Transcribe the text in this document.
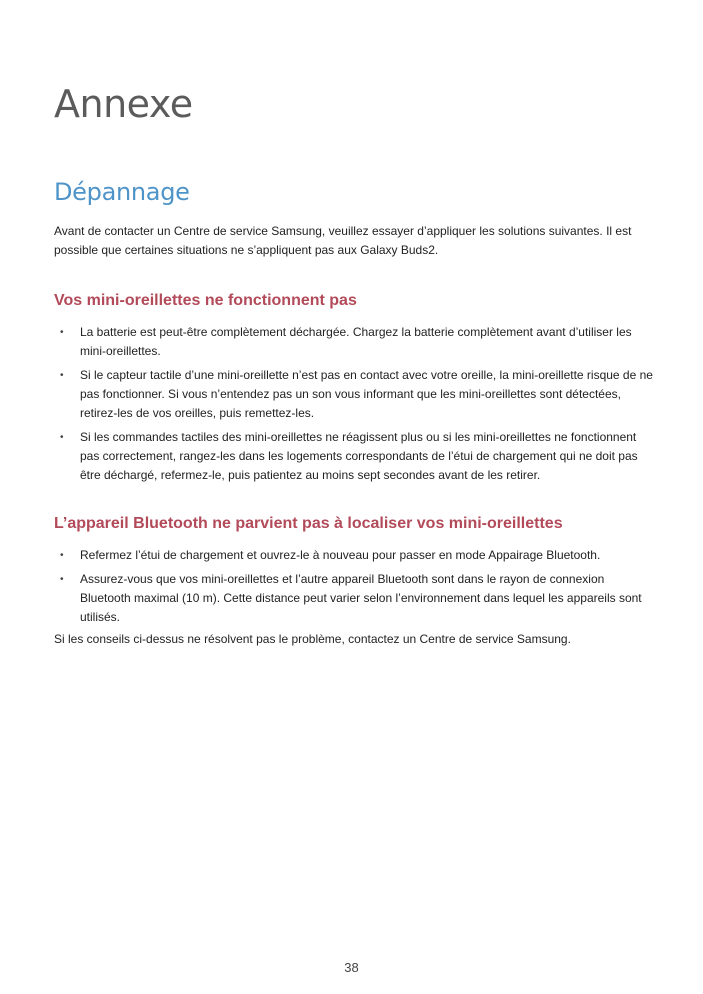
Annexe
Dépannage

Avant de contacter un Centre de service Samsung, veuillez essayer d’appliquer les solutions suivantes. Il est possible que certaines situations ne s’appliquent pas aux Galaxy Buds2.

Vos mini-oreillettes ne fonctionnent pas
• La batterie est peut-être complètement déchargée. Chargez la batterie complètement avant d’utiliser les mini-oreillettes.
• Si le capteur tactile d’une mini-oreillette n’est pas en contact avec votre oreille, la mini-oreillette risque de ne pas fonctionner. Si vous n’entendez pas un son vous informant que les mini-oreillettes sont détectées, retirez-les de vos oreilles, puis remettez-les.
• Si les commandes tactiles des mini-oreillettes ne réagissent plus ou si les mini-oreillettes ne fonctionnent pas correctement, rangez-les dans les logements correspondants de l’étui de chargement qui ne doit pas être déchargé, refermez-le, puis patientez au moins sept secondes avant de les retirer.
L’appareil Bluetooth ne parvient pas à localiser vos mini-oreillettes
• Refermez l’étui de chargement et ouvrez-le à nouveau pour passer en mode Appairage Bluetooth.
• Assurez-vous que vos mini-oreillettes et l’autre appareil Bluetooth sont dans le rayon de connexion Bluetooth maximal (10 m). Cette distance peut varier selon l’environnement dans lequel les appareils sont utilisés.

Si les conseils ci-dessus ne résolvent pas le problème, contactez un Centre de service Samsung.

38
